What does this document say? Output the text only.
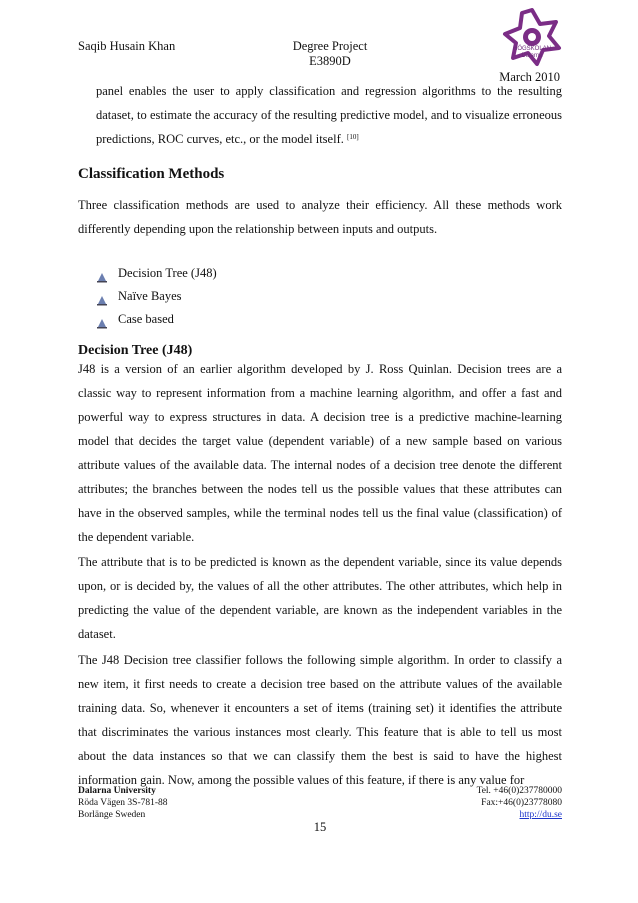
Saqib Husain Khan	Degree Project
E3890D
HÖGSKOLAN
Dalarna
March 2010
panel enables the user to apply classification and regression algorithms to the resulting dataset, to estimate the accuracy of the resulting predictive model, and to visualize erroneous predictions, ROC curves, etc., or the model itself. [10]
Classification Methods
Three classification methods are used to analyze their efficiency. All these methods work differently depending upon the relationship between inputs and outputs.
Decision Tree (J48)
Naïve Bayes
Case based
Decision Tree (J48)
J48 is a version of an earlier algorithm developed by J. Ross Quinlan. Decision trees are a classic way to represent information from a machine learning algorithm, and offer a fast and powerful way to express structures in data. A decision tree is a predictive machine-learning model that decides the target value (dependent variable) of a new sample based on various attribute values of the available data. The internal nodes of a decision tree denote the different attributes; the branches between the nodes tell us the possible values that these attributes can have in the observed samples, while the terminal nodes tell us the final value (classification) of the dependent variable.
The attribute that is to be predicted is known as the dependent variable, since its value depends upon, or is decided by, the values of all the other attributes. The other attributes, which help in predicting the value of the dependent variable, are known as the independent variables in the dataset.
The J48 Decision tree classifier follows the following simple algorithm. In order to classify a new item, it first needs to create a decision tree based on the attribute values of the available training data. So, whenever it encounters a set of items (training set) it identifies the attribute that discriminates the various instances most clearly. This feature that is able to tell us most about the data instances so that we can classify them the best is said to have the highest information gain. Now, among the possible values of this feature, if there is any value for
Dalarna University
Röda Vägen 3S-781-88
Borlänge Sweden
Tel. +46(0)237780000
Fax:+46(0)23778080
http://du.se
15
